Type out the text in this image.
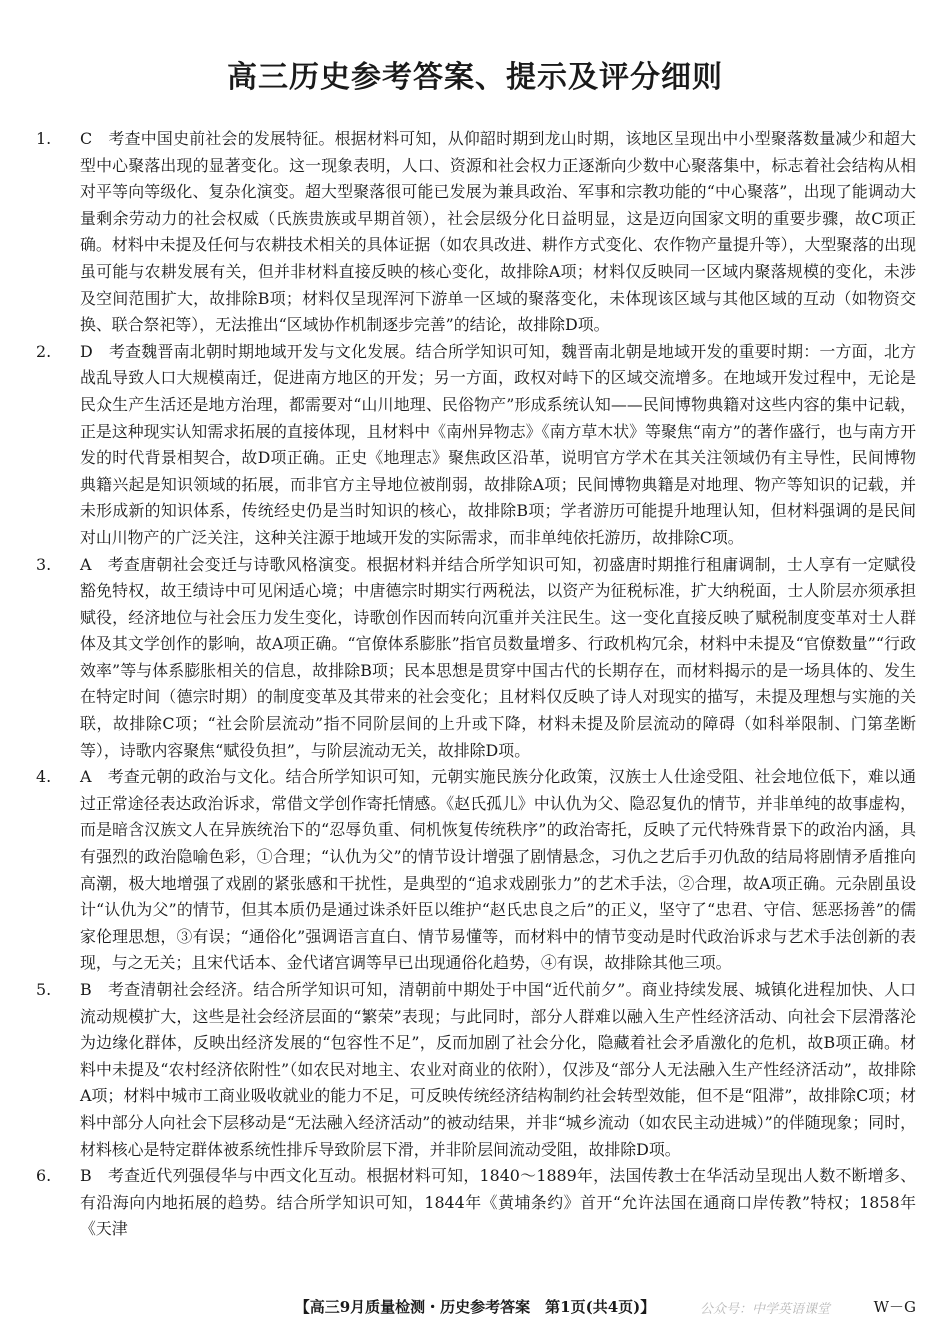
高三历史参考答案、提示及评分细则

1. C 考查中国史前社会的发展特征。根据材料可知，从仰韶时期到龙山时期，该地区呈现出中小型聚落数量减少和超大型中心聚落出现的显著变化。这一现象表明，人口、资源和社会权力正逐渐向少数中心聚落集中，标志着社会结构从相对平等向等级化、复杂化演变。超大型聚落很可能已发展为兼具政治、军事和宗教功能的“中心聚落”，出现了能调动大量剩余劳动力的社会权威（氏族贵族或早期首领），社会层级分化日益明显，这是迈向国家文明的重要步骤，故C项正确。材料中未提及任何与农耕技术相关的具体证据（如农具改进、耕作方式变化、农作物产量提升等），大型聚落的出现虽可能与农耕发展有关，但并非材料直接反映的核心变化，故排除A项；材料仅反映同一区域内聚落规模的变化，未涉及空间范围扩大，故排除B项；材料仅呈现浑河下游单一区域的聚落变化，未体现该区域与其他区域的互动（如物资交换、联合祭祀等），无法推出“区域协作机制逐步完善”的结论，故排除D项。

2. D 考查魏晋南北朝时期地域开发与文化发展。结合所学知识可知，魏晋南北朝是地域开发的重要时期：一方面，北方战乱导致人口大规模南迁，促进南方地区的开发；另一方面，政权对峙下的区域交流增多。在地域开发过程中，无论是民众生产生活还是地方治理，都需要对“山川地理、民俗物产”形成系统认知——民间博物典籍对这些内容的集中记载，正是这种现实认知需求拓展的直接体现，且材料中《南州异物志》《南方草木状》等聚焦“南方”的著作盛行，也与南方开发的时代背景相契合，故D项正确。正史《地理志》聚焦政区沿革，说明官方学术在其关注领域仍有主导性，民间博物典籍兴起是知识领域的拓展，而非官方主导地位被削弱，故排除A项；民间博物典籍是对地理、物产等知识的记载，并未形成新的知识体系，传统经史仍是当时知识的核心，故排除B项；学者游历可能提升地理认知，但材料强调的是民间对山川物产的广泛关注，这种关注源于地域开发的实际需求，而非单纯依托游历，故排除C项。

3. A 考查唐朝社会变迁与诗歌风格演变。根据材料并结合所学知识可知，初盛唐时期推行租庸调制，士人享有一定赋役豁免特权，故王绩诗中可见闲适心境；中唐德宗时期实行两税法，以资产为征税标准，扩大纳税面，士人阶层亦须承担赋役，经济地位与社会压力发生变化，诗歌创作因而转向沉重并关注民生。这一变化直接反映了赋税制度变革对士人群体及其文学创作的影响，故A项正确。“官僚体系膨胀”指官员数量增多、行政机构冗余，材料中未提及“官僚数量”“行政效率”等与体系膨胀相关的信息，故排除B项；民本思想是贯穿中国古代的长期存在，而材料揭示的是一场具体的、发生在特定时间（德宗时期）的制度变革及其带来的社会变化；且材料仅反映了诗人对现实的描写，未提及理想与实施的关联，故排除C项；“社会阶层流动”指不同阶层间的上升或下降，材料未提及阶层流动的障碍（如科举限制、门第垄断等），诗歌内容聚焦“赋役负担”，与阶层流动无关，故排除D项。

4. A 考查元朝的政治与文化。结合所学知识可知，元朝实施民族分化政策，汉族士人仕途受阻、社会地位低下，难以通过正常途径表达政治诉求，常借文学创作寄托情感。《赵氏孤儿》中认仇为父、隐忍复仇的情节，并非单纯的故事虚构，而是暗含汉族文人在异族统治下的“忍辱负重、伺机恢复传统秩序”的政治寄托，反映了元代特殊背景下的政治内涵，具有强烈的政治隐喻色彩，①合理；“认仇为父”的情节设计增强了剧情悬念，习仇之艺后手刃仇敌的结局将剧情矛盾推向高潮，极大地增强了戏剧的紧张感和干扰性，是典型的“追求戏剧张力”的艺术手法，②合理，故A项正确。元杂剧虽设计“认仇为父”的情节，但其本质仍是通过诛杀奸臣以维护“赵氏忠良之后”的正义，坚守了“忠君、守信、惩恶扬善”的儒家伦理思想，③有误；“通俗化”强调语言直白、情节易懂等，而材料中的情节变动是时代政治诉求与艺术手法创新的表现，与之无关；且宋代话本、金代诸宫调等早已出现通俗化趋势，④有误，故排除其他三项。

5. B 考查清朝社会经济。结合所学知识可知，清朝前中期处于中国“近代前夕”。商业持续发展、城镇化进程加快、人口流动规模扩大，这些是社会经济层面的“繁荣”表现；与此同时，部分人群难以融入生产性经济活动、向社会下层滑落沦为边缘化群体，反映出经济发展的“包容性不足”，反而加剧了社会分化，隐藏着社会矛盾激化的危机，故B项正确。材料中未提及“农村经济依附性”（如农民对地主、农业对商业的依附），仅涉及“部分人无法融入生产性经济活动”，故排除A项；材料中城市工商业吸收就业的能力不足，可反映传统经济结构制约社会转型效能，但不是“阻滞”，故排除C项；材料中部分人向社会下层移动是“无法融入经济活动”的被动结果，并非“城乡流动（如农民主动进城）”的伴随现象；同时，材料核心是特定群体被系统性排斥导致阶层下滑，并非阶层间流动受阻，故排除D项。

6. B 考查近代列强侵华与中西文化互动。根据材料可知，1840～1889年，法国传教士在华活动呈现出人数不断增多、有沿海向内地拓展的趋势。结合所学知识可知，1844年《黄埔条约》首开“允许法国在通商口岸传教”特权；1858年《天津

【高三9月质量检测・历史参考答案　第1页(共4页)】	公众号：中学英语课堂	W－G
